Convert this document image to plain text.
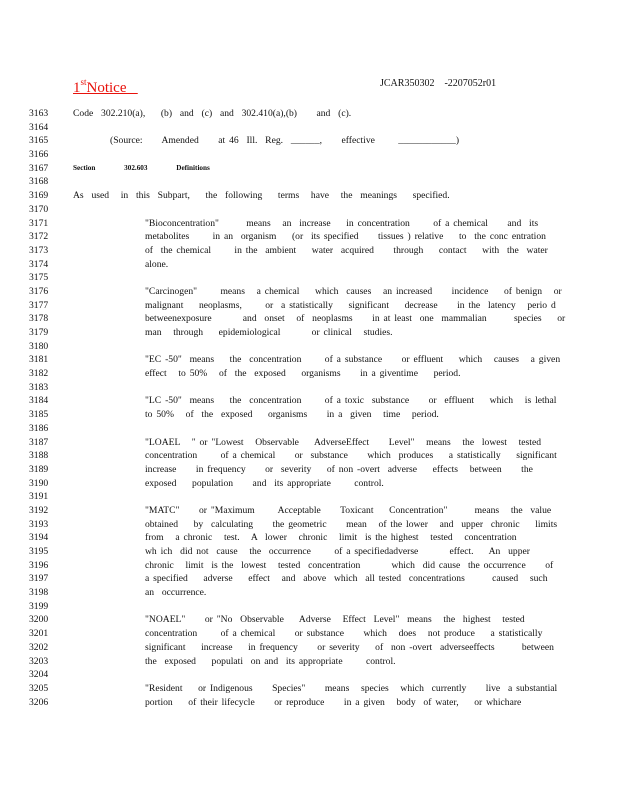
1stNotice	JCAR350302    -2207052r01
3163	Code  302.210(a),    (b)  and  (c)  and  302.410(a),(b)     and  (c).
3164
3165	(Source:     Amended     at 46  Ill.  Reg.  ______,     effective      ____________)
3166
3167	Section      302.603      Definitions
3168
3169	As  used   in  this  Subpart,    the  following    terms   have   the  meanings    specified.
3170
3171	"Bioconcentration"       means   an  increase    in concentration      of a chemical     and  its
3172	metabolites      in an  organism    (or  its specified     tissues ) relative    to  the conc entration
3173	of  the chemical      in the  ambient    water  acquired     through    contact    with  the  water
3174	alone.
3175
3176	"Carcinogen"      means   a chemical    which  causes   an increased     incidence    of benign   or
3177	malignant    neoplasms,      or  a statistically    significant    decrease     in the  latency   perio d
3178	betweenexposure        and  onset   of  neoplasms     in at least  one  mammalian       species    or
3179	man   through    epidemiological        or clinical   studies.
3180
3181	"EC -50"  means    the  concentration      of a substance     or effluent    which   causes   a given
3182	effect   to 50%   of  the  exposed    organisms     in a giventime    period.
3183
3184	"LC -50"  means    the  concentration      of a toxic  substance     or  effluent    which   is lethal
3185	to 50%   of  the  exposed    organisms     in a  given   time   period.
3186
3187	"LOAEL   " or "Lowest   Observable    AdverseEffect     Level"   means   the  lowest   tested
3188	concentration      of a chemical     or  substance     which  produces    a statistically    significant
3189	increase     in frequency     or  severity    of non -overt  adverse    effects   between     the
3190	exposed    population     and  its appropriate      control.
3191
3192	"MATC"     or "Maximum      Acceptable     Toxicant    Concentration"       means   the  value
3193	obtained    by  calculating     the geometric     mean   of the lower   and  upper  chronic    limits
3194	from   a chronic   test.   A  lower   chronic   limit  is the highest   tested   concentration
3195	wh ich  did not  cause   the  occurrence      of a specifiedadverse        effect.    An  upper
3196	chronic   limit  is the  lowest   tested  concentration        which  did cause  the occurrence     of
3197	a specified    adverse    effect   and  above  which  all tested  concentrations       caused   such
3198	an  occurrence.
3199
3200	"NOAEL"     or "No  Observable    Adverse   Effect  Level"  means   the  highest   tested
3201	concentration      of a chemical     or substance     which   does   not produce    a statistically
3202	significant    increase    in frequency     or severity    of  non -overt  adverseeffects       between
3203	the  exposed    populati  on and  its appropriate      control.
3204
3205	"Resident    or Indigenous     Species"     means   species   which  currently     live  a substantial
3206	portion    of their lifecycle     or reproduce     in a given   body  of water,    or whichare
